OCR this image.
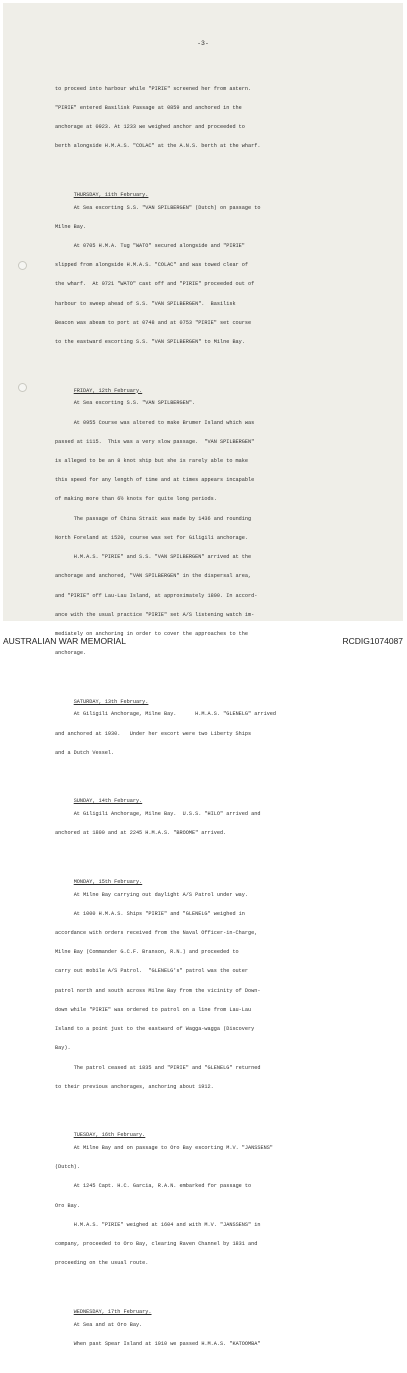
-3-

to proceed into harbour while "PIRIE" screened her from astern.

"PIRIE" entered Basilisk Passage at 0859 and anchored in the

anchorage at 0923. At 1233 we weighed anchor and proceeded to

berth alongside H.M.A.S. "COLAC" at the A.N.S. berth at the wharf.

THURSDAY, 11th February.

At Sea escorting S.S. "VAN SPILBERGEN" (Dutch) on passage to

Milne Bay.

At 0705 H.M.A. Tug "WATO" secured alongside and "PIRIE"

slipped from alongside H.M.A.S. "COLAC" and was towed clear of

the wharf.  At 0721 "WATO" cast off and "PIRIE" proceeded out of

harbour to sweep ahead of S.S. "VAN SPILBERGEN".  Basilisk

Beacon was abeam to port at 0748 and at 0753 "PIRIE" set course

to the eastward escorting S.S. "VAN SPILBERGEN" to Milne Bay.

FRIDAY, 12th February.

At Sea escorting S.S. "VAN SPILBERGEN".

At 0955 Course was altered to make Brumer Island which was

passed at 1115.  This was a very slow passage.  "VAN SPILBERGEN"

is alleged to be an 8 knot ship but she is rarely able to make

this speed for any length of time and at times appears incapable

of making more than 6½ knots for quite long periods.

The passage of China Strait was made by 1436 and rounding

North Foreland at 1520, course was set for Giligili anchorage.

H.M.A.S. "PIRIE" and S.S. "VAN SPILBERGEN" arrived at the

anchorage and anchored, "VAN SPILBERGEN" in the dispersal area,

and "PIRIE" off Lau-Lau Island, at approximately 1800. In accord-

ance with the usual practice "PIRIE" set A/S listening watch im-

mediately on anchoring in order to cover the approaches to the

anchorage.

SATURDAY, 13th February.

At Giligili Anchorage, Milne Bay.      H.M.A.S. "GLENELG" arrived

and anchored at 1930.   Under her escort were two Liberty Ships

and a Dutch Vessel.

SUNDAY, 14th February.

At Giligili Anchorage, Milne Bay.  U.S.S. "HILO" arrived and

anchored at 1800 and at 2245 H.M.A.S. "BROOME" arrived.

MONDAY, 15th February.

At Milne Bay carrying out daylight A/S Patrol under way.

At 1000 H.M.A.S. Ships "PIRIE" and "GLENELG" weighed in

accordance with orders received from the Naval Officer-in-Charge,

Milne Bay (Commander G.C.F. Branson, R.N.) and proceeded to

carry out mobile A/S Patrol.  "GLENELG's" patrol was the outer

patrol north and south across Milne Bay from the vicinity of Down-

down while "PIRIE" was ordered to patrol on a line from Lau-Lau

Island to a point just to the eastward of Wagga-wagga (Discovery

Bay).

The patrol ceased at 1835 and "PIRIE" and "GLENELG" returned

to their previous anchorages, anchoring about 1912.

TUESDAY, 16th February.

At Milne Bay and on passage to Oro Bay escorting M.V. "JANSSENS"

(Dutch).

At 1245 Capt. H.C. Garcia, R.A.N. embarked for passage to

Oro Bay.

H.M.A.S. "PIRIE" weighed at 1604 and with M.V. "JANSSENS" in

company, proceeded to Oro Bay, clearing Raven Channel by 1831 and

proceeding on the usual route.

WEDNESDAY, 17th February.

At Sea and at Oro Bay.

When past Spear Island at 1010 we passed H.M.A.S. "KATOOMBA"

AUSTRALIAN WAR MEMORIAL	RCDIG1074087
